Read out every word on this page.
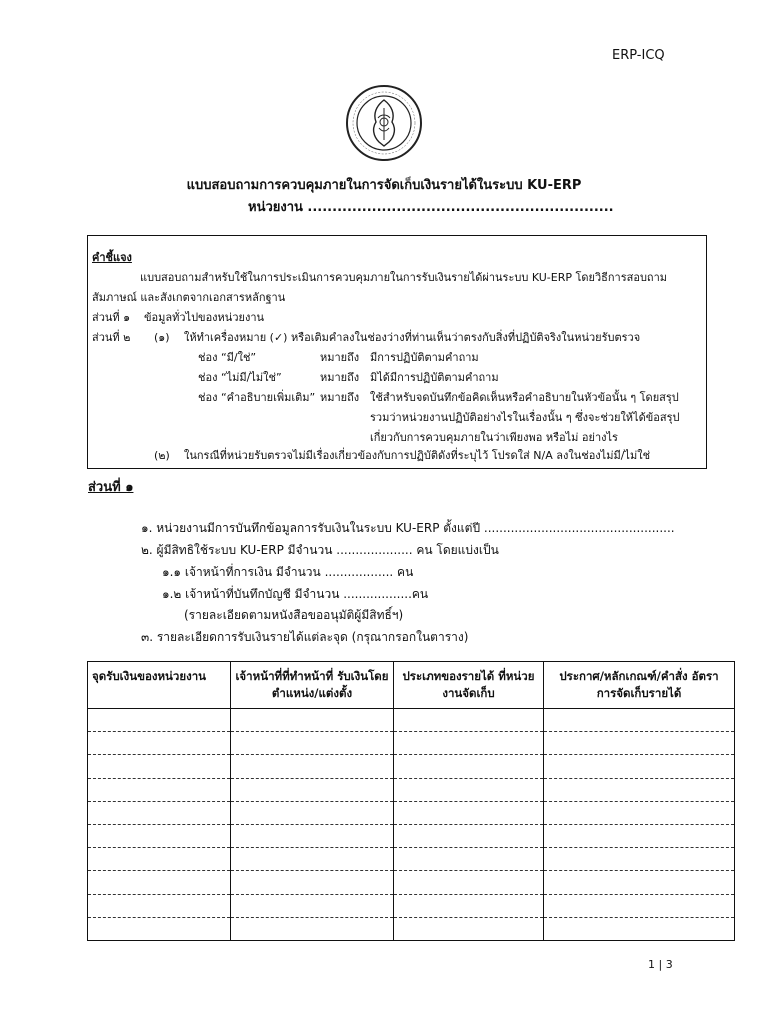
ERP-ICQ
แบบสอบถามการควบคุมภายในการจัดเก็บเงินรายได้ในระบบ KU-ERP
หน่วยงาน ..............................................................
คำชี้แจง
แบบสอบถามสำหรับใช้ในการประเมินการควบคุมภายในการรับเงินรายได้ผ่านระบบ KU-ERP โดยวิธีการสอบถาม
สัมภาษณ์ และสังเกตจากเอกสารหลักฐาน
ส่วนที่ ๑ ข้อมูลทั่วไปของหน่วยงาน
ส่วนที่ ๒ (๑) ให้ทำเครื่องหมาย (✓) หรือเติมคำลงในช่องว่างที่ท่านเห็นว่าตรงกับสิ่งที่ปฏิบัติจริงในหน่วยรับตรวจ
ช่อง “มี/ใช่”	หมายถึง มีการปฏิบัติตามคำถาม
ช่อง “ไม่มี/ไม่ใช่”	หมายถึง มิได้มีการปฏิบัติตามคำถาม
ช่อง “คำอธิบายเพิ่มเติม” หมายถึง ใช้สำหรับจดบันทึกข้อคิดเห็นหรือคำอธิบายในหัวข้อนั้น ๆ โดยสรุป
รวมว่าหน่วยงานปฏิบัติอย่างไรในเรื่องนั้น ๆ ซึ่งจะช่วยให้ได้ข้อสรุป
เกี่ยวกับการควบคุมภายในว่าเพียงพอ หรือไม่ อย่างไร
(๒) ในกรณีที่หน่วยรับตรวจไม่มีเรื่องเกี่ยวข้องกับการปฏิบัติดังที่ระบุไว้ โปรดใส่ N/A ลงในช่องไม่มี/ไม่ใช่
ส่วนที่ ๑
๑. หน่วยงานมีการบันทึกข้อมูลการรับเงินในระบบ KU-ERP ตั้งแต่ปี ..................................................
๒. ผู้มีสิทธิใช้ระบบ KU-ERP มีจำนวน .................... คน โดยแบ่งเป็น
๑.๑ เจ้าหน้าที่การเงิน มีจำนวน .................. คน
๑.๒ เจ้าหน้าที่บันทึกบัญชี มีจำนวน ..................คน
(รายละเอียดตามหนังสือขออนุมัติผู้มีสิทธิ์ฯ)
๓. รายละเอียดการรับเงินรายได้แต่ละจุด (กรุณากรอกในตาราง)
จุดรับเงินของหน่วยงาน	เจ้าหน้าที่ที่ทำหน้าที่ รับเงินโดยตำแหน่ง/แต่งตั้ง	ประเภทของรายได้ ที่หน่วยงานจัดเก็บ	ประกาศ/หลักเกณฑ์/คำสั่ง อัตรา การจัดเก็บรายได้

1 | 3
